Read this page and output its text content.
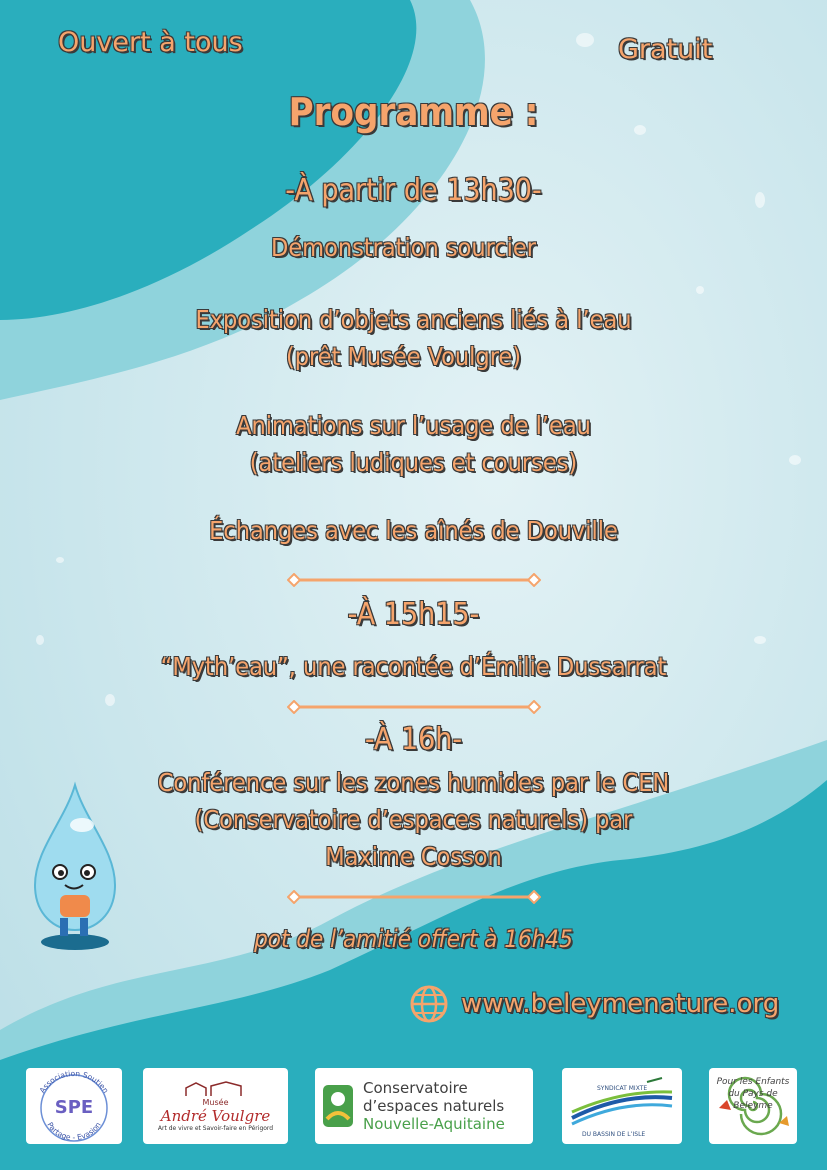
Ouvert à tous	Gratuit
Programme :
-À partir de 13h30-
Démonstration sourcier
Exposition d’objets anciens liés à l’eau
(prêt Musée Voulgre)
Animations sur l’usage de l’eau
(ateliers ludiques et courses)
Échanges avec les aînés de Douville
-À 15h15-
“Myth’eau”, une racontée d’Émilie Dussarrat
-À 16h-
Conférence sur les zones humides par le CEN
(Conservatoire d’espaces naturels) par
Maxime Cosson
pot de l’amitié offert à 16h45
www.beleymenature.org
Association Soutien
Partage - Evasion
SPE	Musée
André Voulgre
Art de vivre et Savoir-faire en Périgord
Conservatoire
d’espaces naturels
Nouvelle-Aquitaine
SYNDICAT MIXTE
DU BASSIN DE L’ISLE
Pour les Enfants du Pays de Beleyme
